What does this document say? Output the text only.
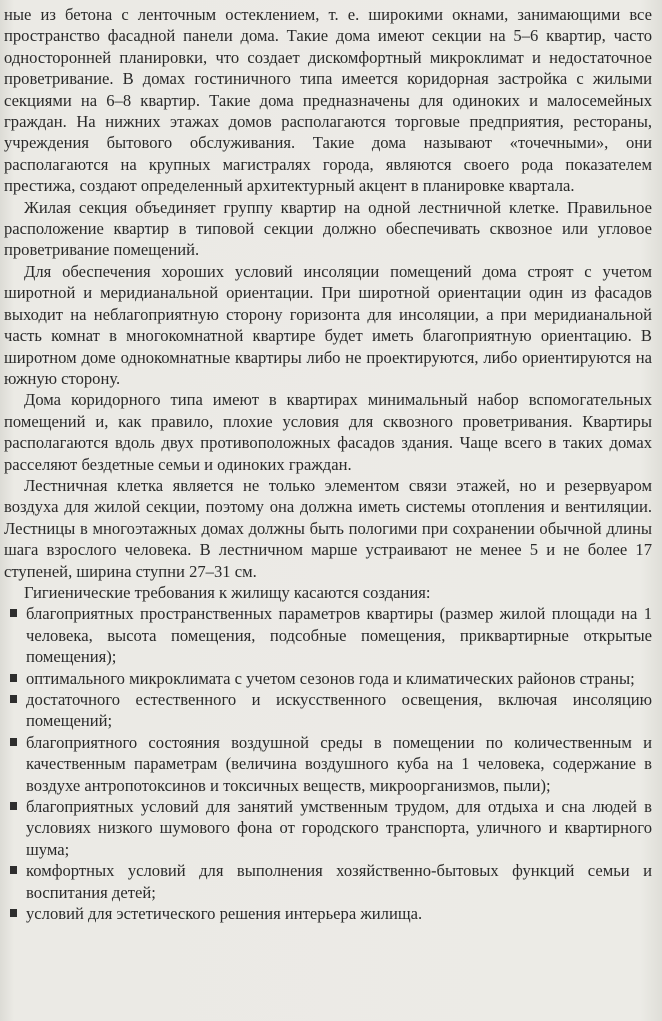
ные из бетона с ленточным остеклением, т. е. широкими окнами, занимающими все пространство фасадной панели дома. Такие дома имеют секции на 5–6 квартир, часто односторонней планировки, что создает дискомфортный микроклимат и недостаточное проветривание. В домах гостиничного типа имеется коридорная застройка с жилыми секциями на 6–8 квартир. Такие дома предназначены для одиноких и малосемейных граждан. На нижних этажах домов располагаются торговые предприятия, рестораны, учреждения бытового обслуживания. Такие дома называют «точечными», они располагаются на крупных магистралях города, являются своего рода показателем престижа, создают определенный архитектурный акцент в планировке квартала.

Жилая секция объединяет группу квартир на одной лестничной клетке. Правильное расположение квартир в типовой секции должно обеспечивать сквозное или угловое проветривание помещений.

Для обеспечения хороших условий инсоляции помещений дома строят с учетом широтной и меридианальной ориентации. При широтной ориентации один из фасадов выходит на неблагоприятную сторону горизонта для инсоляции, а при меридианальной часть комнат в многокомнатной квартире будет иметь благоприятную ориентацию. В широтном доме однокомнатные квартиры либо не проектируются, либо ориентируются на южную сторону.

Дома коридорного типа имеют в квартирах минимальный набор вспомогательных помещений и, как правило, плохие условия для сквозного проветривания. Квартиры располагаются вдоль двух противоположных фасадов здания. Чаще всего в таких домах расселяют бездетные семьи и одиноких граждан.

Лестничная клетка является не только элементом связи этажей, но и резервуаром воздуха для жилой секции, поэтому она должна иметь системы отопления и вентиляции. Лестницы в многоэтажных домах должны быть пологими при сохранении обычной длины шага взрослого человека. В лестничном марше устраивают не менее 5 и не более 17 ступеней, ширина ступни 27–31 см.

Гигиенические требования к жилищу касаются создания:

благоприятных пространственных параметров квартиры (размер жилой площади на 1 человека, высота помещения, подсобные помещения, приквартирные открытые помещения);
оптимального микроклимата с учетом сезонов года и климатических районов страны;
достаточного естественного и искусственного освещения, включая инсоляцию помещений;
благоприятного состояния воздушной среды в помещении по количественным и качественным параметрам (величина воздушного куба на 1 человека, содержание в воздухе антропотоксинов и токсичных веществ, микроорганизмов, пыли);
благоприятных условий для занятий умственным трудом, для отдыха и сна людей в условиях низкого шумового фона от городского транспорта, уличного и квартирного шума;
комфортных условий для выполнения хозяйственно-бытовых функций семьи и воспитания детей;
условий для эстетического решения интерьера жилища.
